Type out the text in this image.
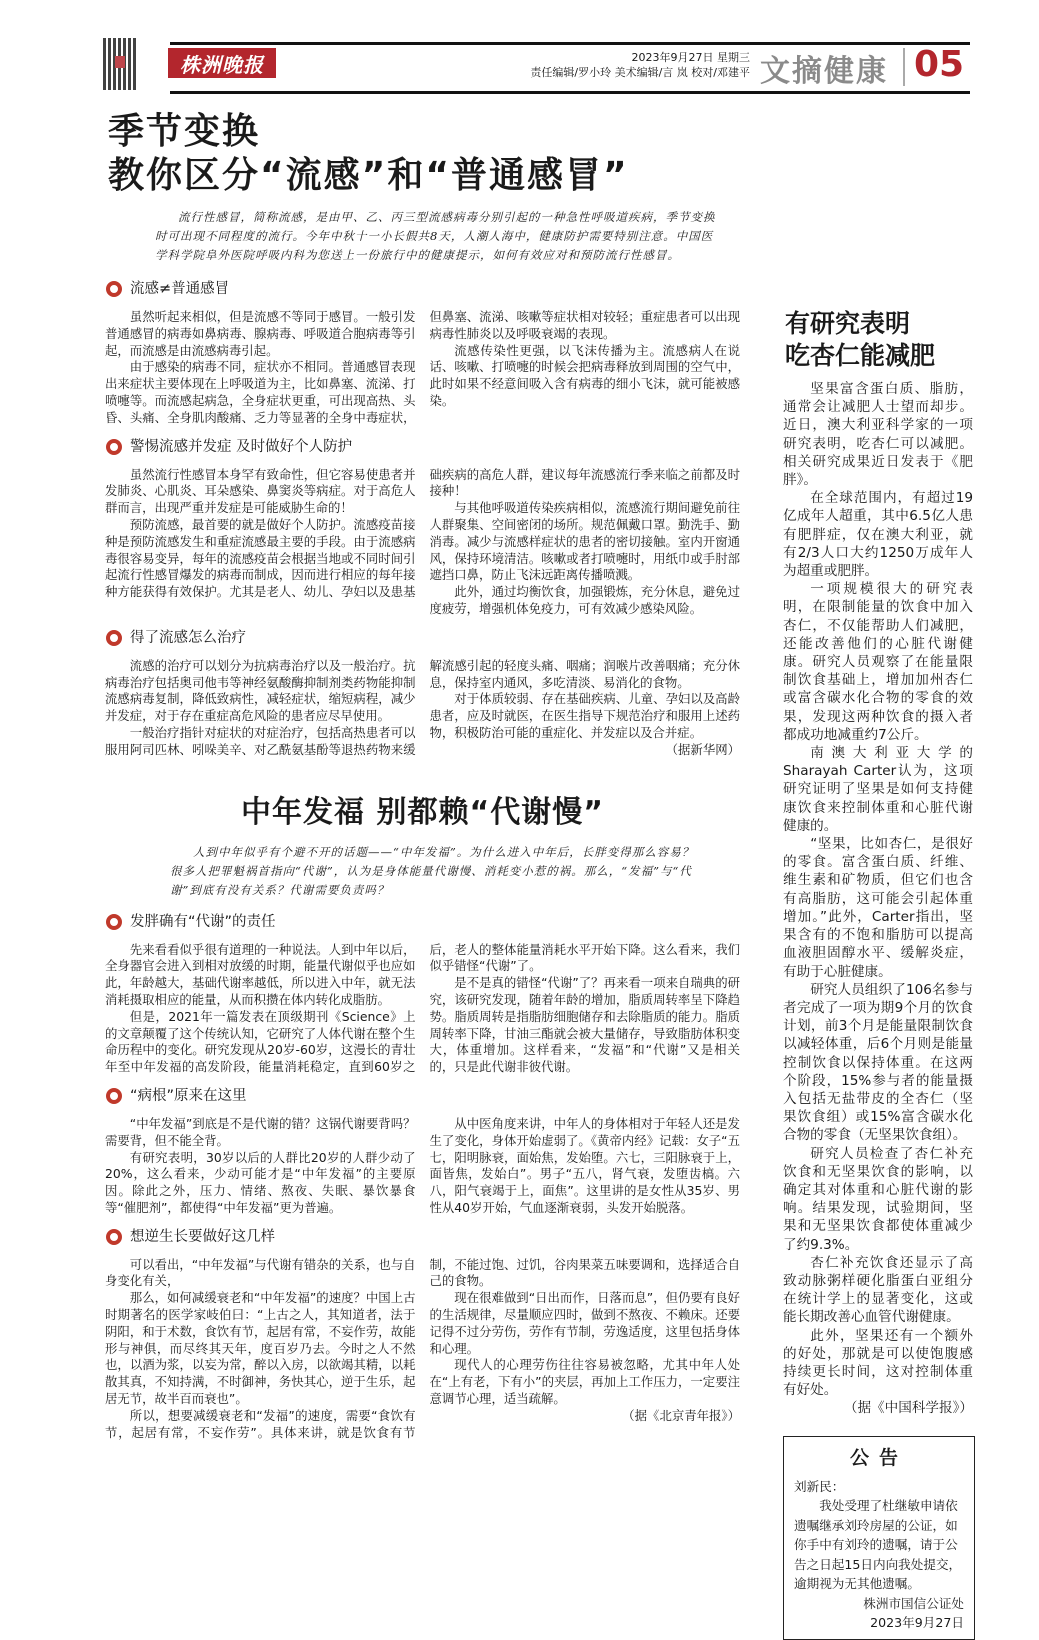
株洲晚报	2023年9月27日 星期三
责任编辑/罗小玲 美术编辑/言 岚 校对/邓建平 文摘健康 05
季节变换
教你区分“流感”和“普通感冒”
流行性感冒，简称流感，是由甲、乙、丙三型流感病毒分别引起的一种急性呼吸道疾病，季节变换时可出现不同程度的流行。今年中秋十一小长假共8天，人潮人海中，健康防护需要特别注意。中国医学科学院阜外医院呼吸内科为您送上一份旅行中的健康提示，如何有效应对和预防流行性感冒。
流感≠普通感冒

虽然听起来相似，但是流感不等同于感冒。一般引发普通感冒的病毒如鼻病毒、腺病毒、呼吸道合胞病毒等引起，而流感是由流感病毒引起。

由于感染的病毒不同，症状亦不相同。普通感冒表现出来症状主要体现在上呼吸道为主，比如鼻塞、流涕、打喷嚏等。而流感起病急，全身症状更重，可出现高热、头昏、头痛、全身肌肉酸痛、乏力等显著的全身中毒症状，但鼻塞、流涕、咳嗽等症状相对较轻；重症患者可以出现病毒性肺炎以及呼吸衰竭的表现。

流感传染性更强，以飞沫传播为主。流感病人在说话、咳嗽、打喷嚏的时候会把病毒释放到周围的空气中，此时如果不经意间吸入含有病毒的细小飞沫，就可能被感染。

警惕流感并发症 及时做好个人防护

虽然流行性感冒本身罕有致命性，但它容易使患者并发肺炎、心肌炎、耳朵感染、鼻窦炎等病症。对于高危人群而言，出现严重并发症是可能威胁生命的！

预防流感，最首要的就是做好个人防护。流感疫苗接种是预防流感发生和重症流感最主要的手段。由于流感病毒很容易变异，每年的流感疫苗会根据当地或不同时间引起流行性感冒爆发的病毒而制成，因而进行相应的每年接种方能获得有效保护。尤其是老人、幼儿、孕妇以及患基础疾病的高危人群，建议每年流感流行季来临之前都及时接种！

与其他呼吸道传染疾病相似，流感流行期间避免前往人群聚集、空间密闭的场所。规范佩戴口罩。勤洗手、勤消毒。减少与流感样症状的患者的密切接触。室内开窗通风，保持环境清洁。咳嗽或者打喷嚏时，用纸巾或手肘部遮挡口鼻，防止飞沫远距离传播喷溅。

此外，通过均衡饮食，加强锻炼，充分休息，避免过度疲劳，增强机体免疫力，可有效减少感染风险。

得了流感怎么治疗

流感的治疗可以划分为抗病毒治疗以及一般治疗。抗病毒治疗包括奥司他韦等神经氨酸酶抑制剂类药物能抑制流感病毒复制，降低致病性，减轻症状，缩短病程，减少并发症，对于存在重症高危风险的患者应尽早使用。

一般治疗指针对症状的对症治疗，包括高热患者可以服用阿司匹林、吲哚美辛、对乙酰氨基酚等退热药物来缓解流感引起的轻度头痛、咽痛；润喉片改善咽痛；充分休息，保持室内通风，多吃清淡、易消化的食物。

对于体质较弱、存在基础疾病、儿童、孕妇以及高龄患者，应及时就医，在医生指导下规范治疗和服用上述药物，积极防治可能的重症化、并发症以及合并症。

（据新华网）

中年发福 别都赖“代谢慢”
人到中年似乎有个避不开的话题——“中年发福”。为什么进入中年后，长胖变得那么容易？很多人把罪魁祸首指向“代谢”，认为是身体能量代谢慢、消耗变小惹的祸。那么，“发福”与“代谢”到底有没有关系？代谢需要负责吗？
发胖确有“代谢”的责任

先来看看似乎很有道理的一种说法。人到中年以后，全身器官会进入到相对放缓的时期，能量代谢似乎也应如此，年龄越大，基础代谢率越低，所以进入中年，就无法消耗摄取相应的能量，从而积攒在体内转化成脂肪。

但是，2021年一篇发表在顶级期刊《Science》上的文章颠覆了这个传统认知，它研究了人体代谢在整个生命历程中的变化。研究发现从20岁-60岁，这漫长的青壮年至中年发福的高发阶段，能量消耗稳定，直到60岁之后，老人的整体能量消耗水平开始下降。这么看来，我们似乎错怪“代谢”了。

是不是真的错怪“代谢”了？再来看一项来自瑞典的研究，该研究发现，随着年龄的增加，脂质周转率呈下降趋势。脂质周转是指脂肪细胞储存和去除脂质的能力。脂质周转率下降，甘油三酯就会被大量储存，导致脂肪体积变大，体重增加。这样看来，“发福”和“代谢”又是相关的，只是此代谢非彼代谢。

“病根”原来在这里

“中年发福”到底是不是代谢的错？这锅代谢要背吗？需要背，但不能全背。

有研究表明，30岁以后的人群比20岁的人群少动了20%，这么看来，少动可能才是“中年发福”的主要原因。除此之外，压力、情绪、熬夜、失眠、暴饮暴食等“催肥剂”，都使得“中年发福”更为普遍。

从中医角度来讲，中年人的身体相对于年轻人还是发生了变化，身体开始虚弱了。《黄帝内经》记载：女子“五七，阳明脉衰，面始焦，发始堕。六七，三阳脉衰于上，面皆焦，发始白”。男子“五八，肾气衰，发堕齿槁。六八，阳气衰竭于上，面焦”。这里讲的是女性从35岁、男性从40岁开始，气血逐渐衰弱，头发开始脱落。

想逆生长要做好这几样

可以看出，“中年发福”与代谢有错杂的关系，也与自身变化有关，

那么，如何减缓衰老和“中年发福”的速度？中国上古时期著名的医学家岐伯曰：“上古之人，其知道者，法于阴阳，和于术数，食饮有节，起居有常，不妄作劳，故能形与神俱，而尽终其天年，度百岁乃去。今时之人不然也，以酒为浆，以妄为常，醉以入房，以欲竭其精，以耗散其真，不知持满，不时御神，务快其心，逆于生乐，起居无节，故半百而衰也”。

所以，想要减缓衰老和“发福”的速度，需要“食饮有节，起居有常，不妄作劳”。具体来讲，就是饮食有节制，不能过饱、过饥，谷肉果菜五味要调和，选择适合自己的食物。

现在很难做到“日出而作，日落而息”，但仍要有良好的生活规律，尽量顺应四时，做到不熬夜、不赖床。还要记得不过分劳伤，劳作有节制，劳逸适度，这里包括身体和心理。

现代人的心理劳伤往往容易被忽略，尤其中年人处在“上有老，下有小”的夹层，再加上工作压力，一定要注意调节心理，适当疏解。

（据《北京青年报》）

有研究表明
吃杏仁能减肥

坚果富含蛋白质、脂肪，通常会让减肥人士望而却步。近日，澳大利亚科学家的一项研究表明，吃杏仁可以减肥。相关研究成果近日发表于《肥胖》。

在全球范围内，有超过19亿成年人超重，其中6.5亿人患有肥胖症，仅在澳大利亚，就有2/3人口大约1250万成年人为超重或肥胖。

一项规模很大的研究表明，在限制能量的饮食中加入杏仁，不仅能帮助人们减肥，还能改善他们的心脏代谢健康。研究人员观察了在能量限制饮食基础上，增加加州杏仁或富含碳水化合物的零食的效果，发现这两种饮食的摄入者都成功地减重约7公斤。

南澳大利亚大学的Sharayah Carter认为，这项研究证明了坚果是如何支持健康饮食来控制体重和心脏代谢健康的。

“坚果，比如杏仁，是很好的零食。富含蛋白质、纤维、维生素和矿物质，但它们也含有高脂肪，这可能会引起体重增加。”此外，Carter指出，坚果含有的不饱和脂肪可以提高血液胆固醇水平、缓解炎症，有助于心脏健康。

研究人员组织了106名参与者完成了一项为期9个月的饮食计划，前3个月是能量限制饮食以减轻体重，后6个月则是能量控制饮食以保持体重。在这两个阶段，15%参与者的能量摄入包括无盐带皮的全杏仁（坚果饮食组）或15%富含碳水化合物的零食（无坚果饮食组）。

研究人员检查了杏仁补充饮食和无坚果饮食的影响，以确定其对体重和心脏代谢的影响。结果发现，试验期间，坚果和无坚果饮食都使体重减少了约9.3%。

杏仁补充饮食还显示了高致动脉粥样硬化脂蛋白亚组分在统计学上的显著变化，这或能长期改善心血管代谢健康。

此外，坚果还有一个额外的好处，那就是可以使饱腹感持续更长时间，这对控制体重有好处。

（据《中国科学报》）

公告
刘新民：
我处受理了杜继敏申请依遗嘱继承刘玲房屋的公证，如你手中有刘玲的遗嘱，请于公告之日起15日内向我处提交，逾期视为无其他遗嘱。
株洲市国信公证处
2023年9月27日
